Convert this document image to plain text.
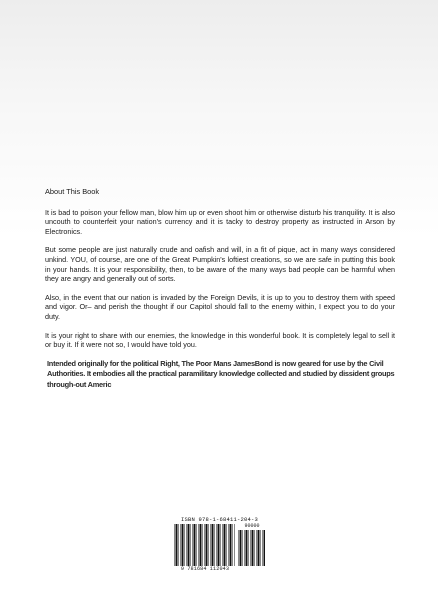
About This Book

It is bad to poison your fellow man, blow him up or even shoot him or otherwise disturb his tranquility. It is also uncouth to counterfeit your nation's currency and it is tacky to destroy property as instructed in Arson by Electronics.

But some people are just naturally crude and oafish and will, in a fit of pique, act in many ways considered unkind. YOU, of course, are one of the Great Pumpkin's loftiest creations, so we are safe in putting this book in your hands. It is your responsibility, then, to be aware of the many ways bad people can be harmful when they are angry and generally out of sorts.

Also, in the event that our nation is invaded by the Foreign Devils, it is up to you to destroy them with speed and vigor. Or– and perish the thought if our Capitol should fall to the enemy within, I expect you to do your duty.

It is your right to share with our enemies, the knowledge in this wonderful book. It is completely legal to sell it or buy it. If it were not so, I would have told you.

Intended originally for the political Right, The Poor Mans JamesBond is now geared for use by the Civil Authorities. It embodies all the practical paramilitary knowledge collected and studied by dissident groups through-out Americ

ISBN 978-1-68411-204-3
90000
9 781684 112043
